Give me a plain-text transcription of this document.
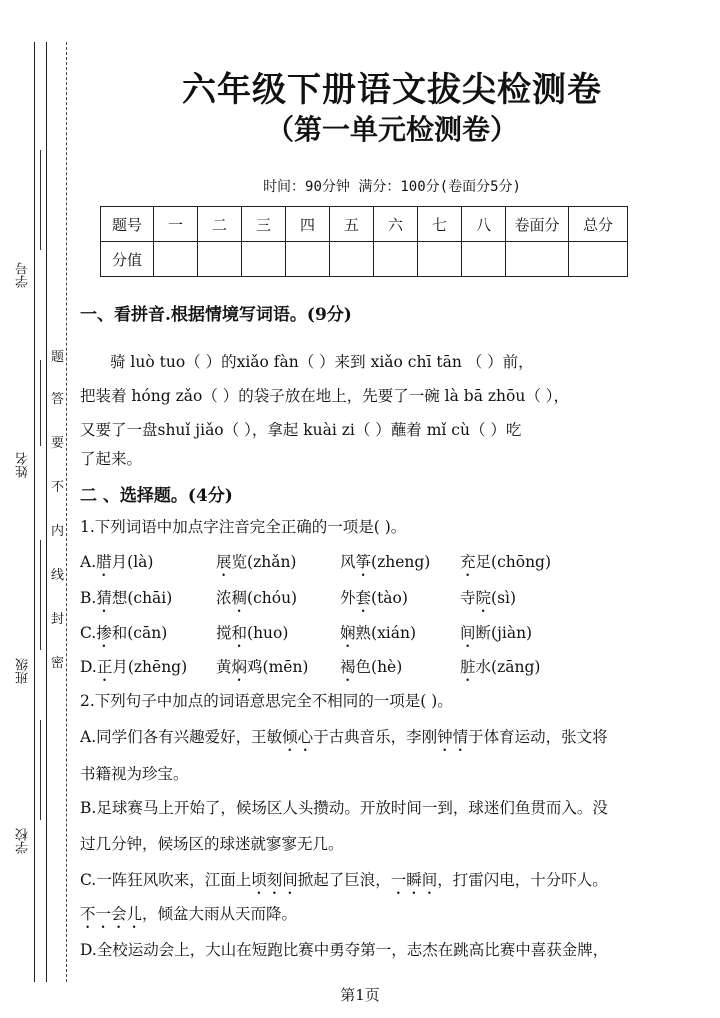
学号
姓名
班级
学校
题
答
要
不
内
线
封
密
六年级下册语文拔尖检测卷
（第一单元检测卷）
时间：90分钟 满分：100分(卷面分5分)
题号	一	二	三	四	五	六	七	八	卷面分	总分
分值										
一、看拼音.根据情境写词语。(9分)
骑 luò tuo（ ）的xiǎo fàn（ ）来到 xiǎo chī tān （ ）前，
把装着 hóng zǎo（ ）的袋子放在地上，先要了一碗 là bā zhōu（ ），
又要了一盘shuǐ jiǎo（ ），拿起 kuài zi（ ）蘸着 mǐ cù（ ）吃
了起来。
二 、选择题。(4分)
1.下列词语中加点字注音完全正确的一项是( )。
A.腊月(là)	展览(zhǎn)	风筝(zheng) 充足(chōng)
B.猜想(chāi)	浓稠(chóu)	外套(tào)	寺院(sì)
C.掺和(cān)	搅和(huo)	娴熟(xián)	间断(jiàn)
D.正月(zhēng) 黄焖鸡(mēn) 褐色(hè)	脏水(zāng)
2.下列句子中加点的词语意思完全不相同的一项是( )。
A.同学们各有兴趣爱好，王敏倾心于古典音乐，李刚钟情于体育运动，张文将
书籍视为珍宝。
B.足球赛马上开始了，候场区人头攒动。开放时间一到，球迷们鱼贯而入。没
过几分钟，候场区的球迷就寥寥无几。
C.一阵狂风吹来，江面上顷刻间掀起了巨浪，一瞬间，打雷闪电，十分吓人。
不一会儿，倾盆大雨从天而降。
D.全校运动会上，大山在短跑比赛中勇夺第一，志杰在跳高比赛中喜获金牌，
第1页
